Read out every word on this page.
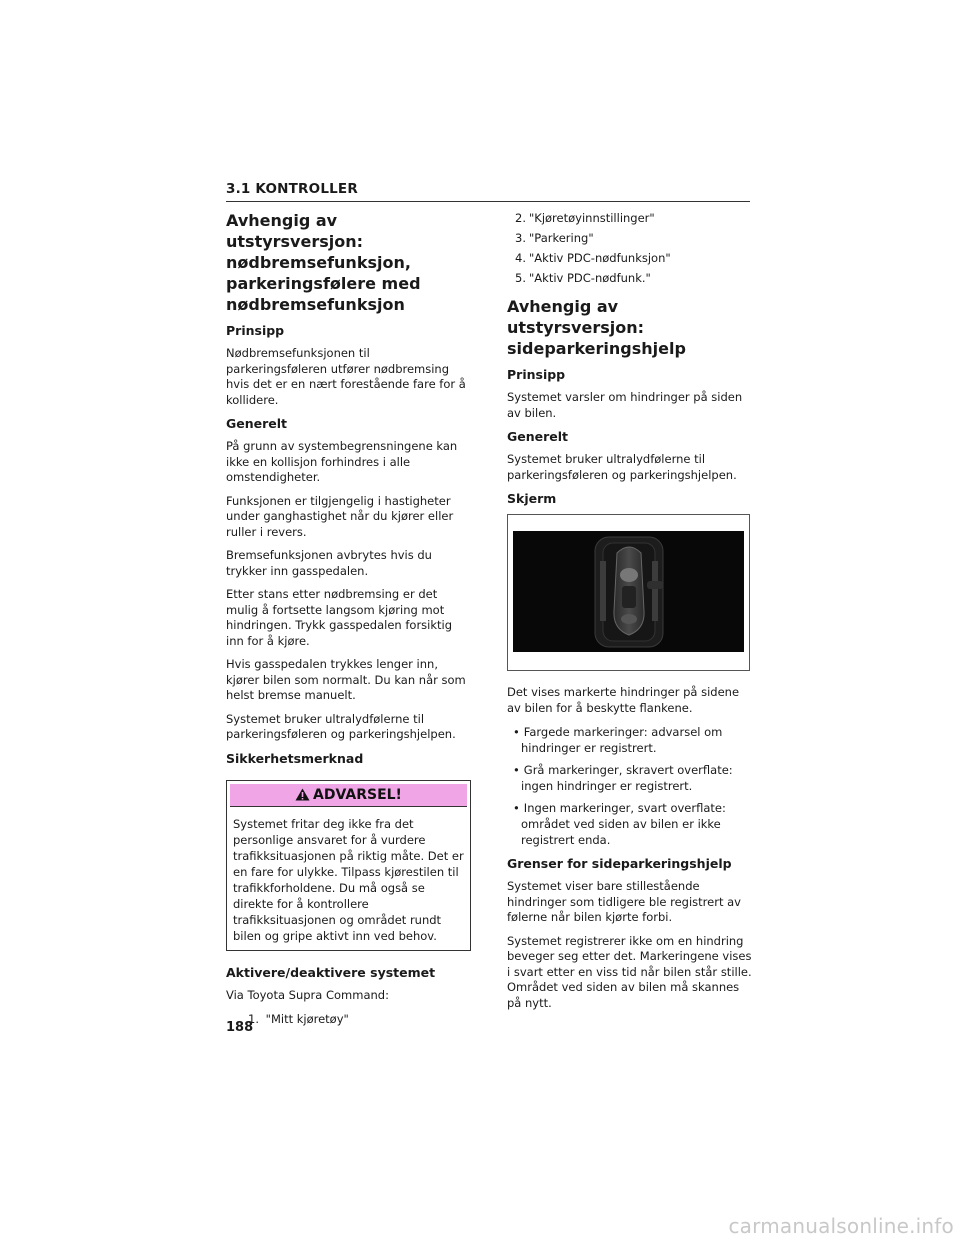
3.1 KONTROLLER
Avhengig av utstyrsversjon: nødbremsefunksjon, parkeringsfølere med nødbremsefunksjon
Prinsipp

Nødbremsefunksjonen til parkeringsføleren utfører nødbremsing hvis det er en nært forestående fare for å kollidere.

Generelt

På grunn av systembegrensningene kan ikke en kollisjon forhindres i alle omstendigheter.

Funksjonen er tilgjengelig i hastigheter under ganghastighet når du kjører eller ruller i revers.

Bremsefunksjonen avbrytes hvis du trykker inn gasspedalen.

Etter stans etter nødbremsing er det mulig å fortsette langsom kjøring mot hindringen. Trykk gasspedalen forsiktig inn for å kjøre.

Hvis gasspedalen trykkes lenger inn, kjører bilen som normalt. Du kan når som helst bremse manuelt.

Systemet bruker ultralydfølerne til parkeringsføleren og parkeringshjelpen.

Sikkerhetsmerknad
ADVARSEL!
Systemet fritar deg ikke fra det personlige ansvaret for å vurdere trafikksituasjonen på riktig måte. Det er en fare for ulykke. Tilpass kjørestilen til trafikkforholdene. Du må også se direkte for å kontrollere trafikksituasjonen og området rundt bilen og gripe aktivt inn ved behov.
Aktivere/deaktivere systemet

Via Toyota Supra Command:

1. "Mitt kjøretøy"
2. "Kjøretøyinnstillinger"
3. "Parkering"
4. "Aktiv PDC-nødfunksjon"
5. "Aktiv PDC-nødfunk."
Avhengig av utstyrsversjon: sideparkeringshjelp
Prinsipp

Systemet varsler om hindringer på siden av bilen.

Generelt

Systemet bruker ultralydfølerne til parkeringsføleren og parkeringshjelpen.

Skjerm

Det vises markerte hindringer på sidene av bilen for å beskytte flankene.

• Fargede markeringer: advarsel om hindringer er registrert.
• Grå markeringer, skravert overflate: ingen hindringer er registrert.
• Ingen markeringer, svart overflate: området ved siden av bilen er ikke registrert enda.
Grenser for sideparkeringshjelp

Systemet viser bare stillestående hindringer som tidligere ble registrert av følerne når bilen kjørte forbi.

Systemet registrerer ikke om en hindring beveger seg etter det. Markeringene vises i svart etter en viss tid når bilen står stille. Området ved siden av bilen må skannes på nytt.

188
carmanualsonline.info
